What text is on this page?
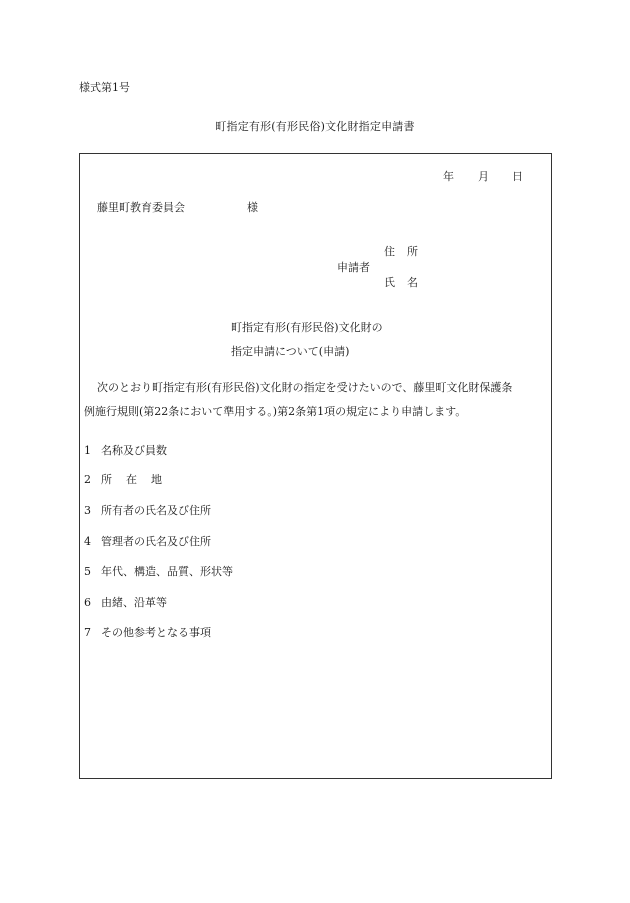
様式第1号
町指定有形(有形民俗)文化財指定申請書
年 月 日
藤里町教育委員会	様
住所
申請者
氏名
町指定有形(有形民俗)文化財の
指定申請について(申請)
次のとおり町指定有形(有形民俗)文化財の指定を受けたいので、藤里町文化財保護条
例施行規則(第22条において準用する。)第2条第1項の規定により申請します。
1 名称及び員数
2 所在地
3 所有者の氏名及び住所
4 管理者の氏名及び住所
5 年代、構造、品質、形状等
6 由緒、沿革等
7 その他参考となる事項
